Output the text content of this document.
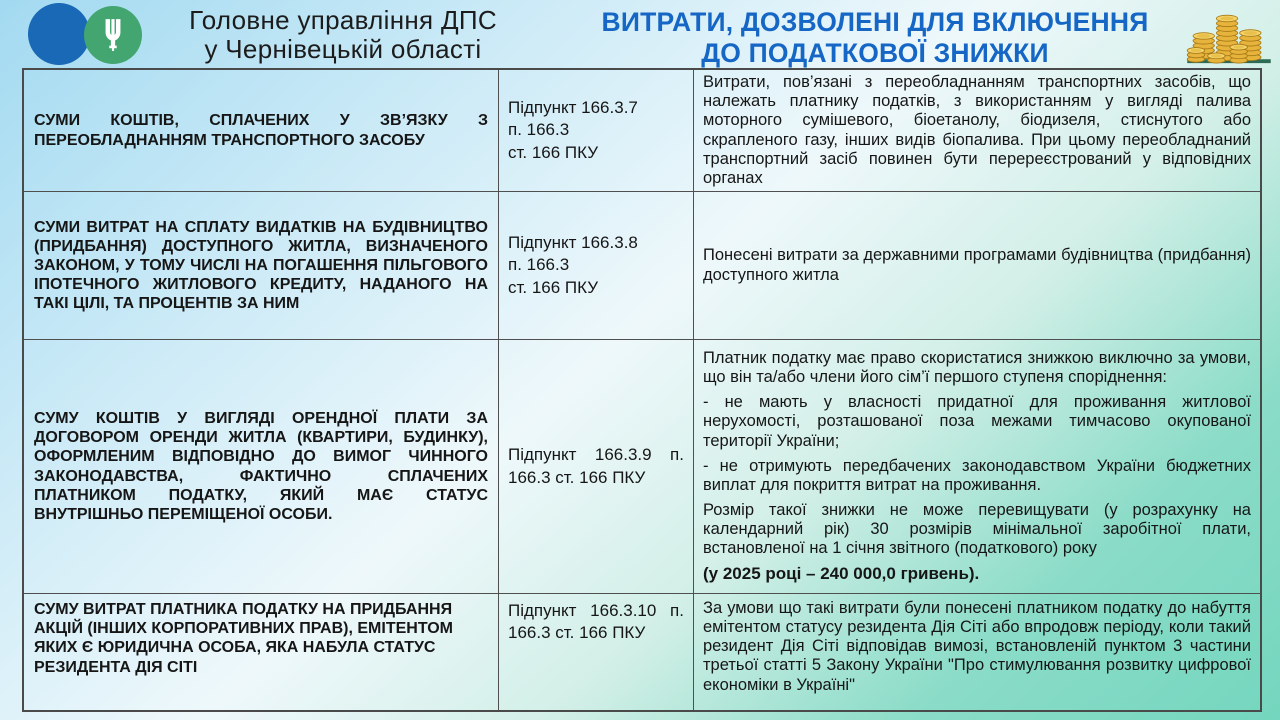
Головне управління ДПС
у Чернівецькій області
ВИТРАТИ, ДОЗВОЛЕНІ ДЛЯ ВКЛЮЧЕННЯ
ДО ПОДАТКОВОЇ ЗНИЖКИ
СУМИ КОШТІВ, СПЛАЧЕНИХ У ЗВ’ЯЗКУ З ПЕРЕОБЛАДНАННЯМ ТРАНСПОРТНОГО ЗАСОБУ
Підпункт 166.3.7
п. 166.3
ст. 166 ПКУ

Витрати, пов’язані з переобладнанням транспортних засобів, що належать платнику податків, з використанням у вигляді палива моторного сумішевого, біоетанолу, біодизеля, стиснутого або скрапленого газу, інших видів біопалива. При цьому переобладнаний транспортний засіб повинен бути перереєстрований у відповідних органах

СУМИ ВИТРАТ НА СПЛАТУ ВИДАТКІВ НА БУДІВНИЦТВО (ПРИДБАННЯ) ДОСТУПНОГО ЖИТЛА, ВИЗНАЧЕНОГО ЗАКОНОМ, У ТОМУ ЧИСЛІ НА ПОГАШЕННЯ ПІЛЬГОВОГО ІПОТЕЧНОГО ЖИТЛОВОГО КРЕДИТУ, НАДАНОГО НА ТАКІ ЦІЛІ, ТА ПРОЦЕНТІВ ЗА НИМ
Підпункт 166.3.8
п. 166.3
ст. 166 ПКУ

Понесені витрати за державними програмами будівництва (придбання) доступного житла

СУМУ КОШТІВ У ВИГЛЯДІ ОРЕНДНОЇ ПЛАТИ ЗА ДОГОВОРОМ ОРЕНДИ ЖИТЛА (КВАРТИРИ, БУДИНКУ), ОФОРМЛЕНИМ ВІДПОВІДНО ДО ВИМОГ ЧИННОГО ЗАКОНОДАВСТВА, ФАКТИЧНО СПЛАЧЕНИХ ПЛАТНИКОМ ПОДАТКУ, ЯКИЙ МАЄ СТАТУС ВНУТРІШНЬО ПЕРЕМІЩЕНОЇ ОСОБИ.
Підпункт 166.3.9 п. 166.3 ст. 166 ПКУ

Платник податку має право скористатися знижкою виключно за умови, що він та/або члени його сім’ї першого ступеня споріднення:

- не мають у власності придатної для проживання житлової нерухомості, розташованої поза межами тимчасово окупованої території України;

- не отримують передбачених законодавством України бюджетних виплат для покриття витрат на проживання.

Розмір такої знижки не може перевищувати (у розрахунку на календарний рік) 30 розмірів мінімальної заробітної плати, встановленої на 1 січня звітного (податкового) року

(у 2025 році – 240 000,0 гривень).
СУМУ ВИТРАТ ПЛАТНИКА ПОДАТКУ НА ПРИДБАННЯ АКЦІЙ (ІНШИХ КОРПОРАТИВНИХ ПРАВ), ЕМІТЕНТОМ ЯКИХ Є ЮРИДИЧНА ОСОБА, ЯКА НАБУЛА СТАТУС РЕЗИДЕНТА ДІЯ СІТІ
Підпункт 166.3.10 п. 166.3 ст. 166 ПКУ

За умови що такі витрати були понесені платником податку до набуття емітентом статусу резидента Дія Сіті або впродовж періоду, коли такий резидент Дія Сіті відповідав вимозі, встановленій пунктом 3 частини третьої статті 5 Закону України "Про стимулювання розвитку цифрової економіки в Україні"
